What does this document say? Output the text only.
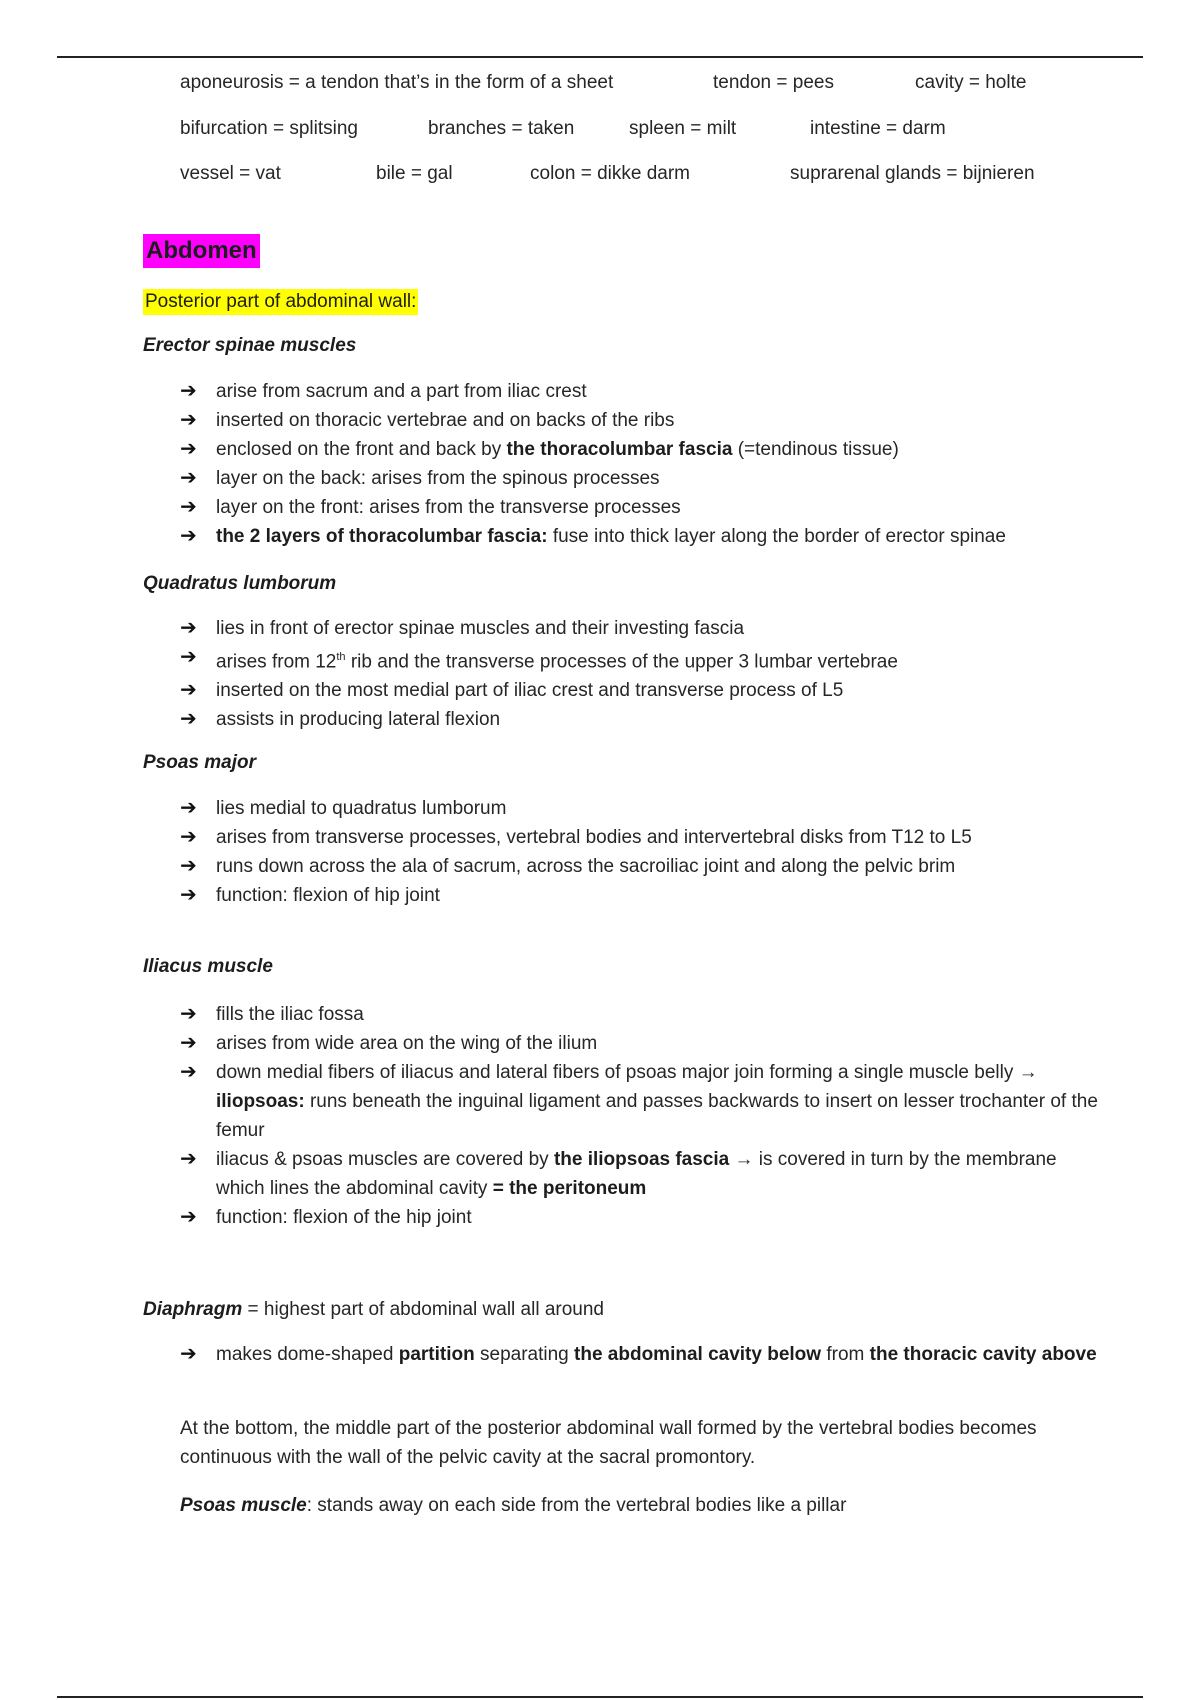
aponeurosis = a tendon that’s in the form of a sheet	tendon = pees	cavity = holte
bifurcation = splitsing	branches = taken	spleen = milt	intestine = darm
vessel = vat	bile = gal	colon = dikke darm	suprarenal glands = bijnieren
Abdomen
Posterior part of abdominal wall:
Erector spinae muscles
➔ arise from sacrum and a part from iliac crest
➔ inserted on thoracic vertebrae and on backs of the ribs
➔ enclosed on the front and back by the thoracolumbar fascia (=tendinous tissue)
➔ layer on the back: arises from the spinous processes
➔ layer on the front: arises from the transverse processes
➔ the 2 layers of thoracolumbar fascia: fuse into thick layer along the border of erector spinae
Quadratus lumborum
➔ lies in front of erector spinae muscles and their investing fascia
➔ arises from 12th rib and the transverse processes of the upper 3 lumbar vertebrae
➔ inserted on the most medial part of iliac crest and transverse process of L5
➔ assists in producing lateral flexion
Psoas major
➔ lies medial to quadratus lumborum
➔ arises from transverse processes, vertebral bodies and intervertebral disks from T12 to L5
➔ runs down across the ala of sacrum, across the sacroiliac joint and along the pelvic brim
➔ function: flexion of hip joint
Iliacus muscle
➔ fills the iliac fossa
➔ arises from wide area on the wing of the ilium
➔ down medial fibers of iliacus and lateral fibers of psoas major join forming a single muscle belly → iliopsoas: runs beneath the inguinal ligament and passes backwards to insert on lesser trochanter of the femur
➔ iliacus & psoas muscles are covered by the iliopsoas fascia → is covered in turn by the membrane which lines the abdominal cavity = the peritoneum
➔ function: flexion of the hip joint
Diaphragm = highest part of abdominal wall all around
➔ makes dome-shaped partition separating the abdominal cavity below from the thoracic cavity above
At the bottom, the middle part of the posterior abdominal wall formed by the vertebral bodies becomes continuous with the wall of the pelvic cavity at the sacral promontory.
Psoas muscle: stands away on each side from the vertebral bodies like a pillar
